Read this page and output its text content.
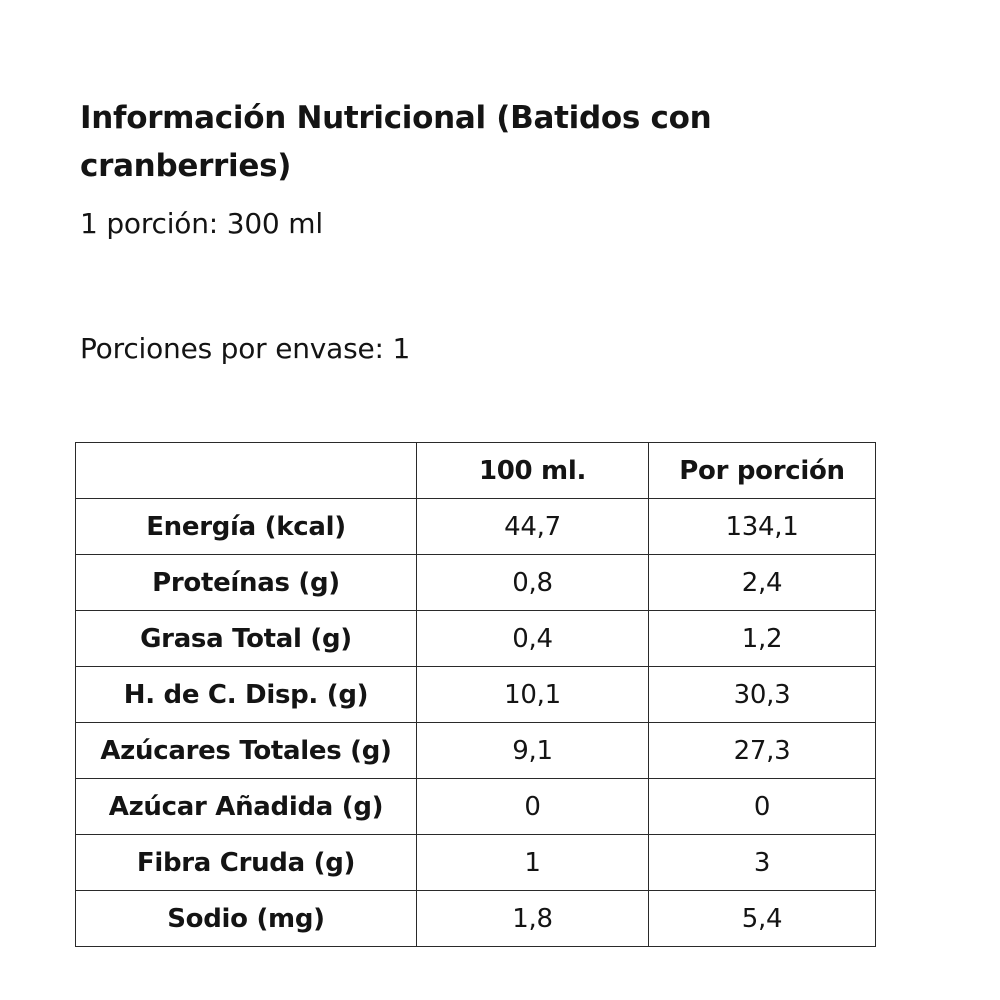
Información Nutricional (Batidos con cranberries)

1 porción: 300 ml

Porciones por envase: 1

	100 ml.	Por porción
Energía (kcal)	44,7	134,1
Proteínas (g)	0,8	2,4
Grasa Total (g)	0,4	1,2
H. de C. Disp. (g)	10,1	30,3
Azúcares Totales (g)	9,1	27,3
Azúcar Añadida (g)	0	0
Fibra Cruda (g)	1	3
Sodio (mg)	1,8	5,4
